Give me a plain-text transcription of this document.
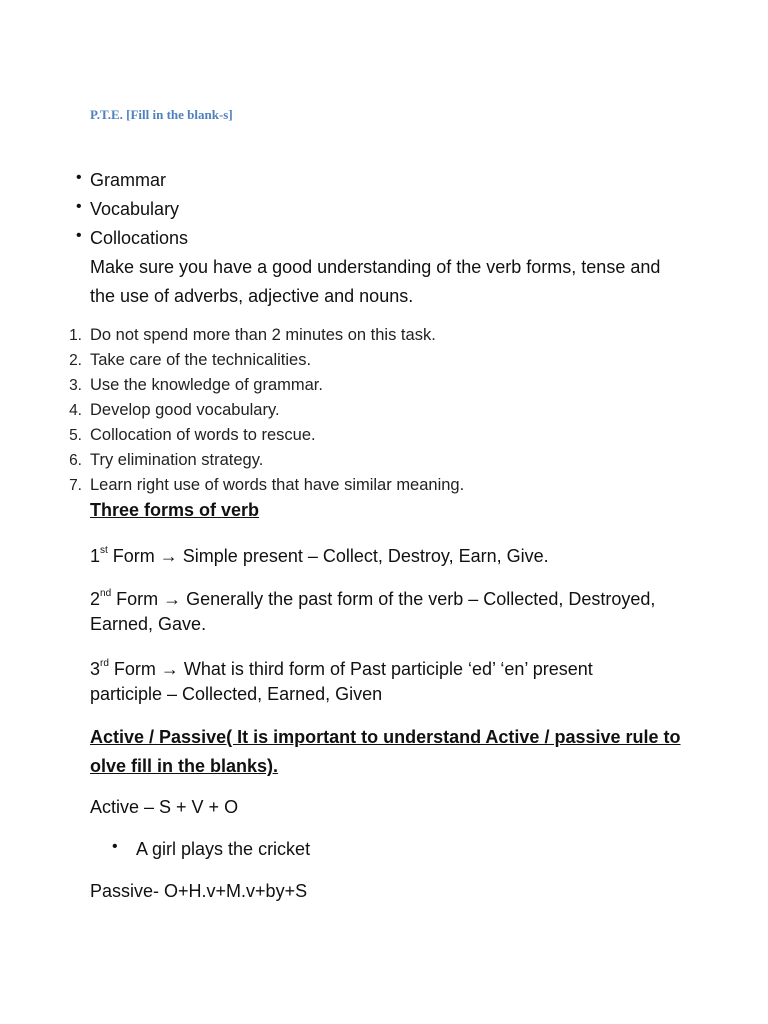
P.T.E. [Fill in the blank-s]
• Grammar
• Vocabulary
• Collocations
Make sure you have a good understanding of the verb forms, tense and
the use of adverbs, adjective and nouns.
1. Do not spend more than 2 minutes on this task.
2. Take care of the technicalities.
3. Use the knowledge of grammar.
4. Develop good vocabulary.
5. Collocation of words to rescue.
6. Try elimination strategy.
7. Learn right use of words that have similar meaning.
Three forms of verb
1st Form → Simple present – Collect, Destroy, Earn, Give.
2nd Form → Generally the past form of the verb – Collected, Destroyed,
Earned, Gave.
3rd Form → What is third form of Past participle ‘ed’ ‘en’ present
participle – Collected, Earned, Given
Active / Passive( It is important to understand Active / passive rule to
olve fill in the blanks).
Active – S + V + O
• A girl plays the cricket
Passive- O+H.v+M.v+by+S
